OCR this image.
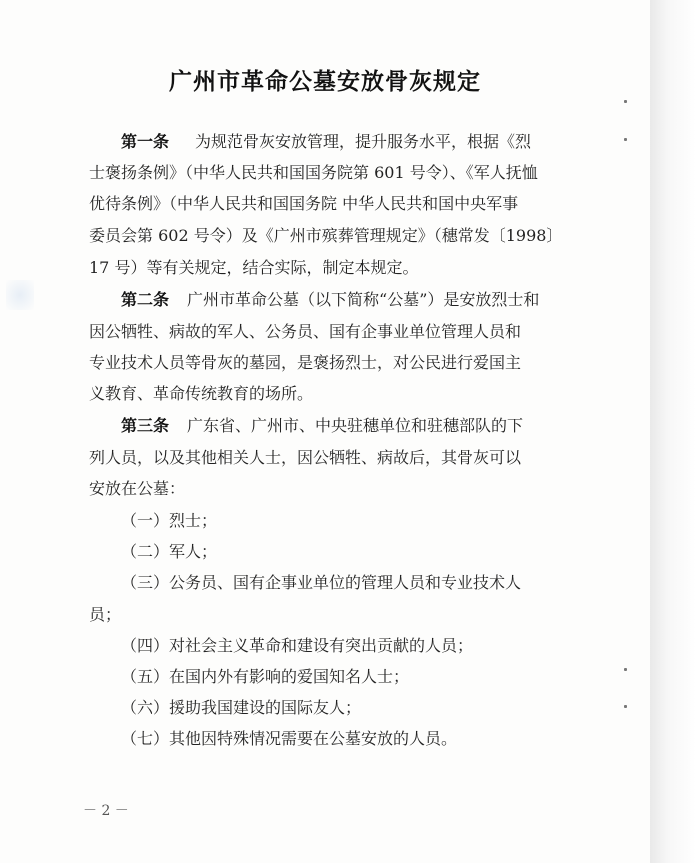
广州市革命公墓安放骨灰规定
第一条 为规范骨灰安放管理，提升服务水平，根据《烈
士褒扬条例》（中华人民共和国国务院第 601 号令）、《军人抚恤
优待条例》（中华人民共和国国务院 中华人民共和国中央军事
委员会第 602 号令）及《广州市殡葬管理规定》（穗常发〔1998〕
17 号）等有关规定，结合实际，制定本规定。
第二条 广州市革命公墓（以下简称“公墓”）是安放烈士和
因公牺牲、病故的军人、公务员、国有企事业单位管理人员和
专业技术人员等骨灰的墓园，是褒扬烈士，对公民进行爱国主
义教育、革命传统教育的场所。
第三条 广东省、广州市、中央驻穗单位和驻穗部队的下
列人员，以及其他相关人士，因公牺牲、病故后，其骨灰可以
安放在公墓：
（一）烈士；
（二）军人；
（三）公务员、国有企事业单位的管理人员和专业技术人
员；
（四）对社会主义革命和建设有突出贡献的人员；
（五）在国内外有影响的爱国知名人士；
（六）援助我国建设的国际友人；
（七）其他因特殊情况需要在公墓安放的人员。
－ 2 －
